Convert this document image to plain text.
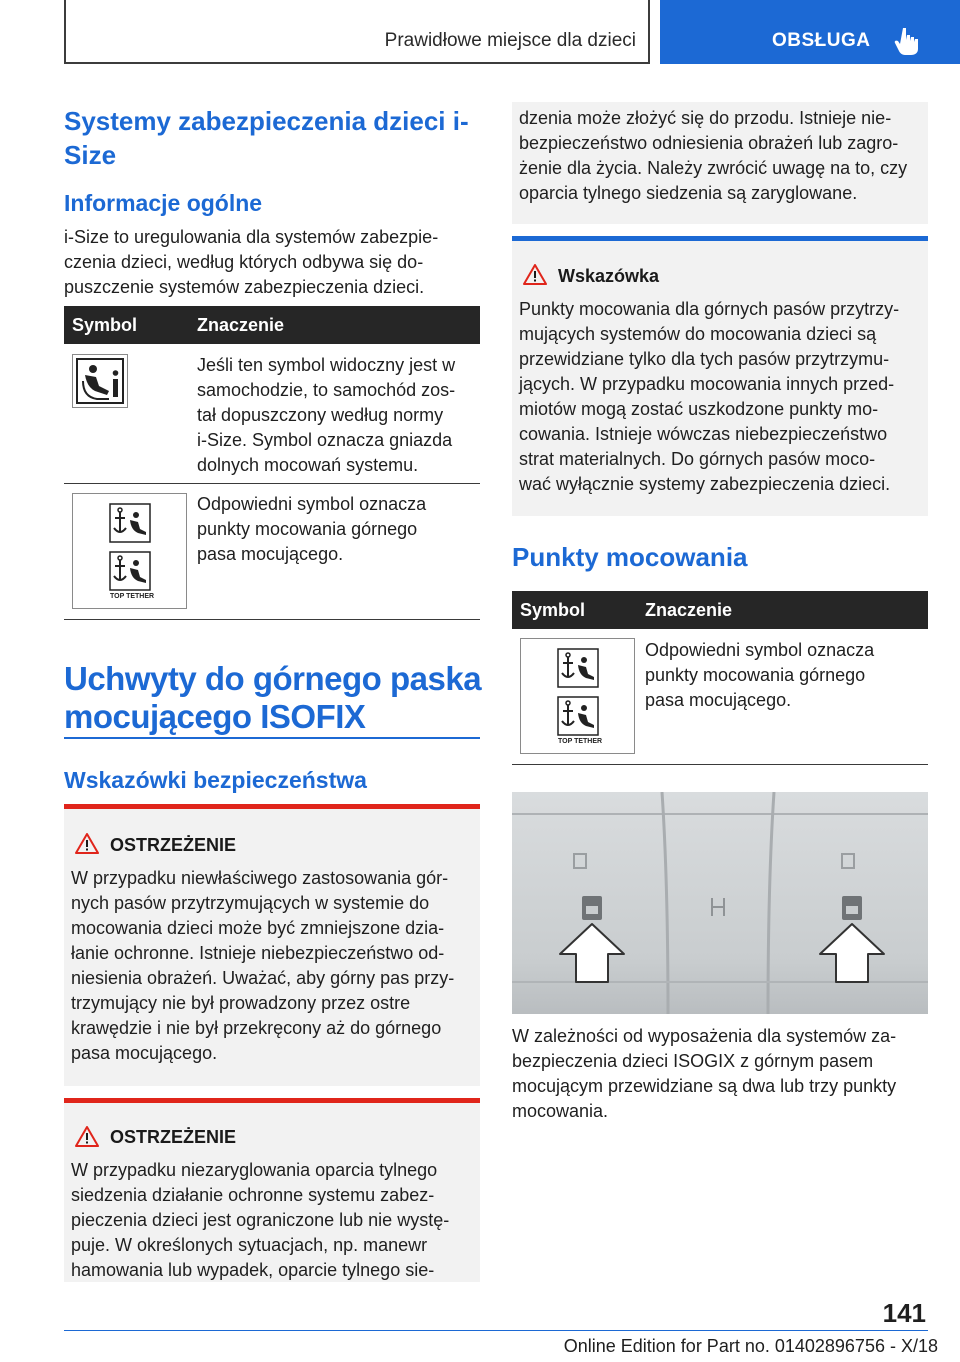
Prawidłowe miejsce dla dzieci	OBSŁUGA
Systemy zabezpieczenia dzieci i-
Size
Informacje ogólne
i-Size to uregulowania dla systemów zabezpie-
czenia dzieci, według których odbywa się do-
puszczenie systemów zabezpieczenia dzieci.
Symbol	Znaczenie
Jeśli ten symbol widoczny jest w
samochodzie, to samochód zos-
tał dopuszczony według normy
i-Size. Symbol oznacza gniazda
dolnych mocowań systemu.
TOP TETHER
Odpowiedni symbol oznacza
punkty mocowania górnego
pasa mocującego.
Uchwyty do górnego paska
mocującego ISOFIX
Wskazówki bezpieczeństwa
OSTRZEŻENIE
W przypadku niewłaściwego zastosowania gór-
nych pasów przytrzymujących w systemie do
mocowania dzieci może być zmniejszone dzia-
łanie ochronne. Istnieje niebezpieczeństwo od-
niesienia obrażeń. Uważać, aby górny pas przy-
trzymujący nie był prowadzony przez ostre
krawędzie i nie był przekręcony aż do górnego
pasa mocującego.
OSTRZEŻENIE
W przypadku niezaryglowania oparcia tylnego
siedzenia działanie ochronne systemu zabez-
pieczenia dzieci jest ograniczone lub nie wystę-
puje. W określonych sytuacjach, np. manewr
hamowania lub wypadek, oparcie tylnego sie-
dzenia może złożyć się do przodu. Istnieje nie-
bezpieczeństwo odniesienia obrażeń lub zagro-
żenie dla życia. Należy zwrócić uwagę na to, czy
oparcia tylnego siedzenia są zaryglowane.
Wskazówka
Punkty mocowania dla górnych pasów przytrzy-
mujących systemów do mocowania dzieci są
przewidziane tylko dla tych pasów przytrzymu-
jących. W przypadku mocowania innych przed-
miotów mogą zostać uszkodzone punkty mo-
cowania. Istnieje wówczas niebezpieczeństwo
strat materialnych. Do górnych pasów moco-
wać wyłącznie systemy zabezpieczenia dzieci.
Punkty mocowania
Symbol	Znaczenie
TOP TETHER
Odpowiedni symbol oznacza
punkty mocowania górnego
pasa mocującego.
W zależności od wyposażenia dla systemów za-
bezpieczenia dzieci ISOGIX z górnym pasem
mocującym przewidziane są dwa lub trzy punkty
mocowania.
141
Online Edition for Part no. 01402896756 - X/18
